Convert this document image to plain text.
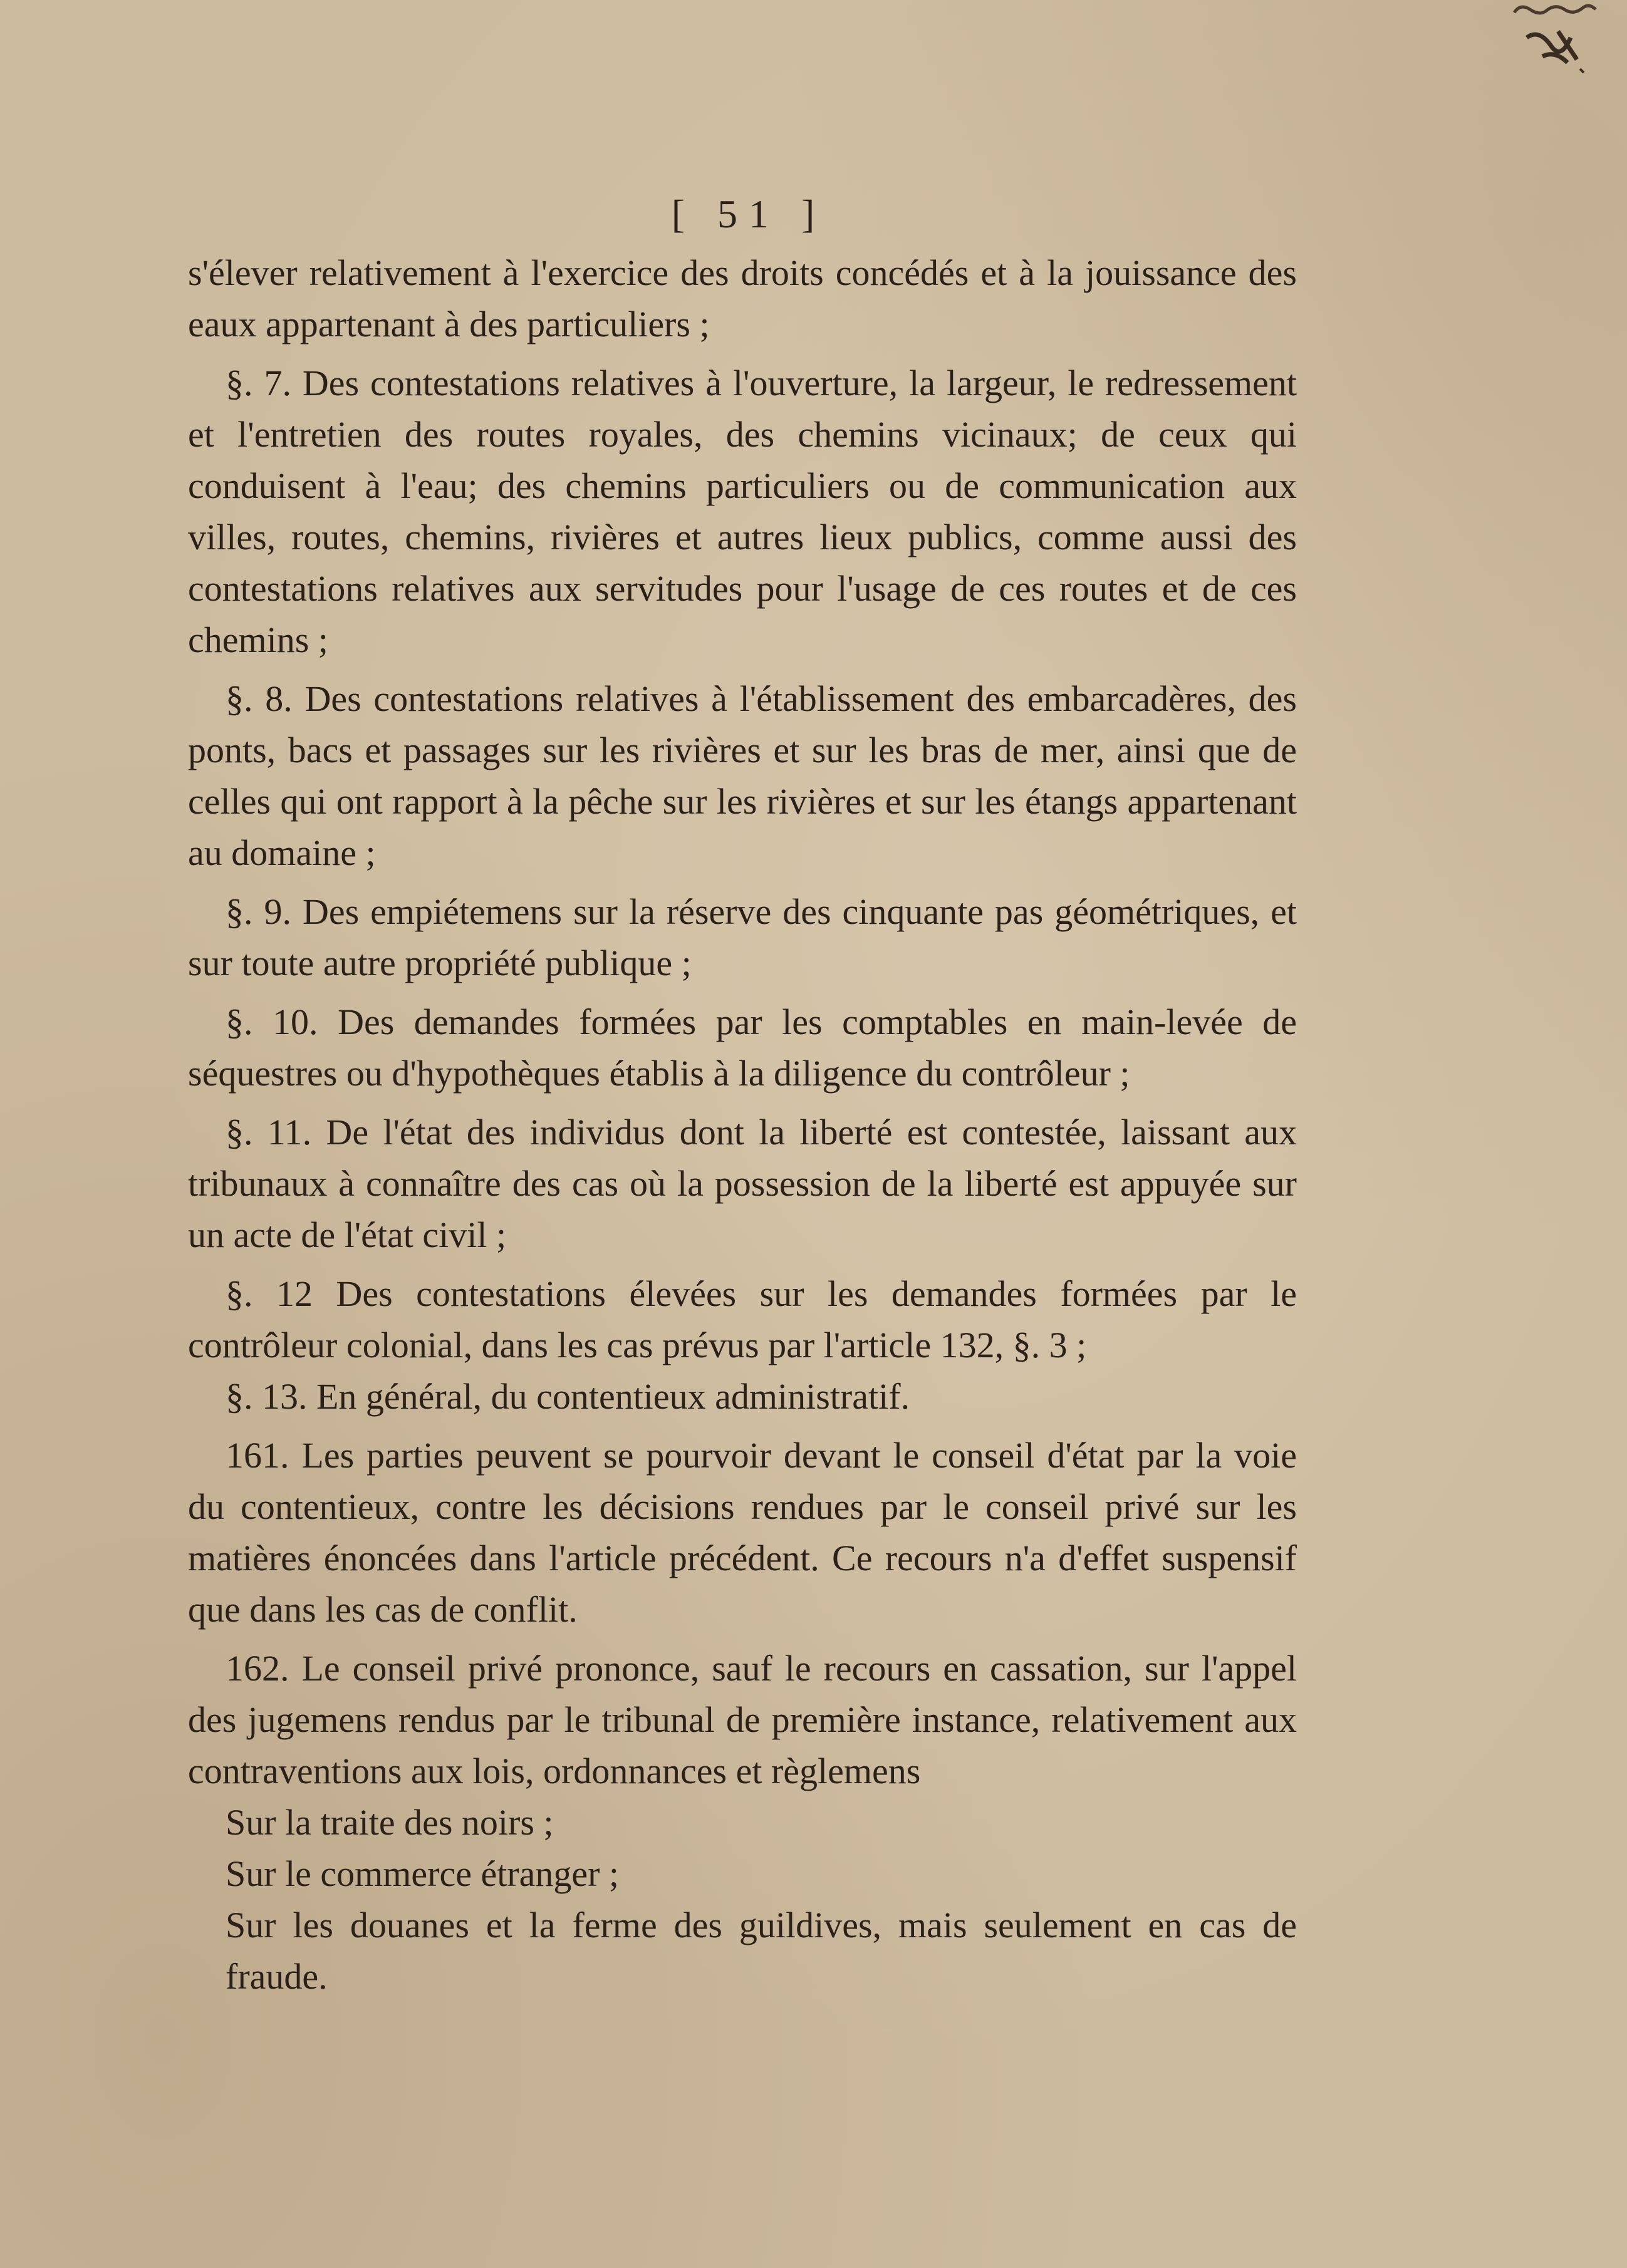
[ 51 ]

s'élever relativement à l'exercice des droits concédés et à la jouissance des eaux appartenant à des particuliers ;

§. 7. Des contestations relatives à l'ouverture, la largeur, le redressement et l'entretien des routes royales, des chemins vicinaux; de ceux qui conduisent à l'eau; des chemins particuliers ou de communication aux villes, routes, chemins, rivières et autres lieux publics, comme aussi des contestations relatives aux servitudes pour l'usage de ces routes et de ces chemins ;

§. 8. Des contestations relatives à l'établissement des embarcadères, des ponts, bacs et passages sur les rivières et sur les bras de mer, ainsi que de celles qui ont rapport à la pêche sur les rivières et sur les étangs appartenant au domaine ;

§. 9. Des empiétemens sur la réserve des cinquante pas géométriques, et sur toute autre propriété publique ;

§. 10. Des demandes formées par les comptables en main-levée de séquestres ou d'hypothèques établis à la diligence du contrôleur ;

§. 11. De l'état des individus dont la liberté est contestée, laissant aux tribunaux à connaître des cas où la possession de la liberté est appuyée sur un acte de l'état civil ;

§. 12 Des contestations élevées sur les demandes formées par le contrôleur colonial, dans les cas prévus par l'article 132, §. 3 ;

§. 13. En général, du contentieux administratif.

161. Les parties peuvent se pourvoir devant le conseil d'état par la voie du contentieux, contre les décisions rendues par le conseil privé sur les matières énoncées dans l'article précédent. Ce recours n'a d'effet suspensif que dans les cas de conflit.

162. Le conseil privé prononce, sauf le recours en cassation, sur l'appel des jugemens rendus par le tribunal de première instance, relativement aux contraventions aux lois, ordonnances et règlemens

Sur la traite des noirs ;

Sur le commerce étranger ;

Sur les douanes et la ferme des guildives, mais seulement en cas de fraude.
